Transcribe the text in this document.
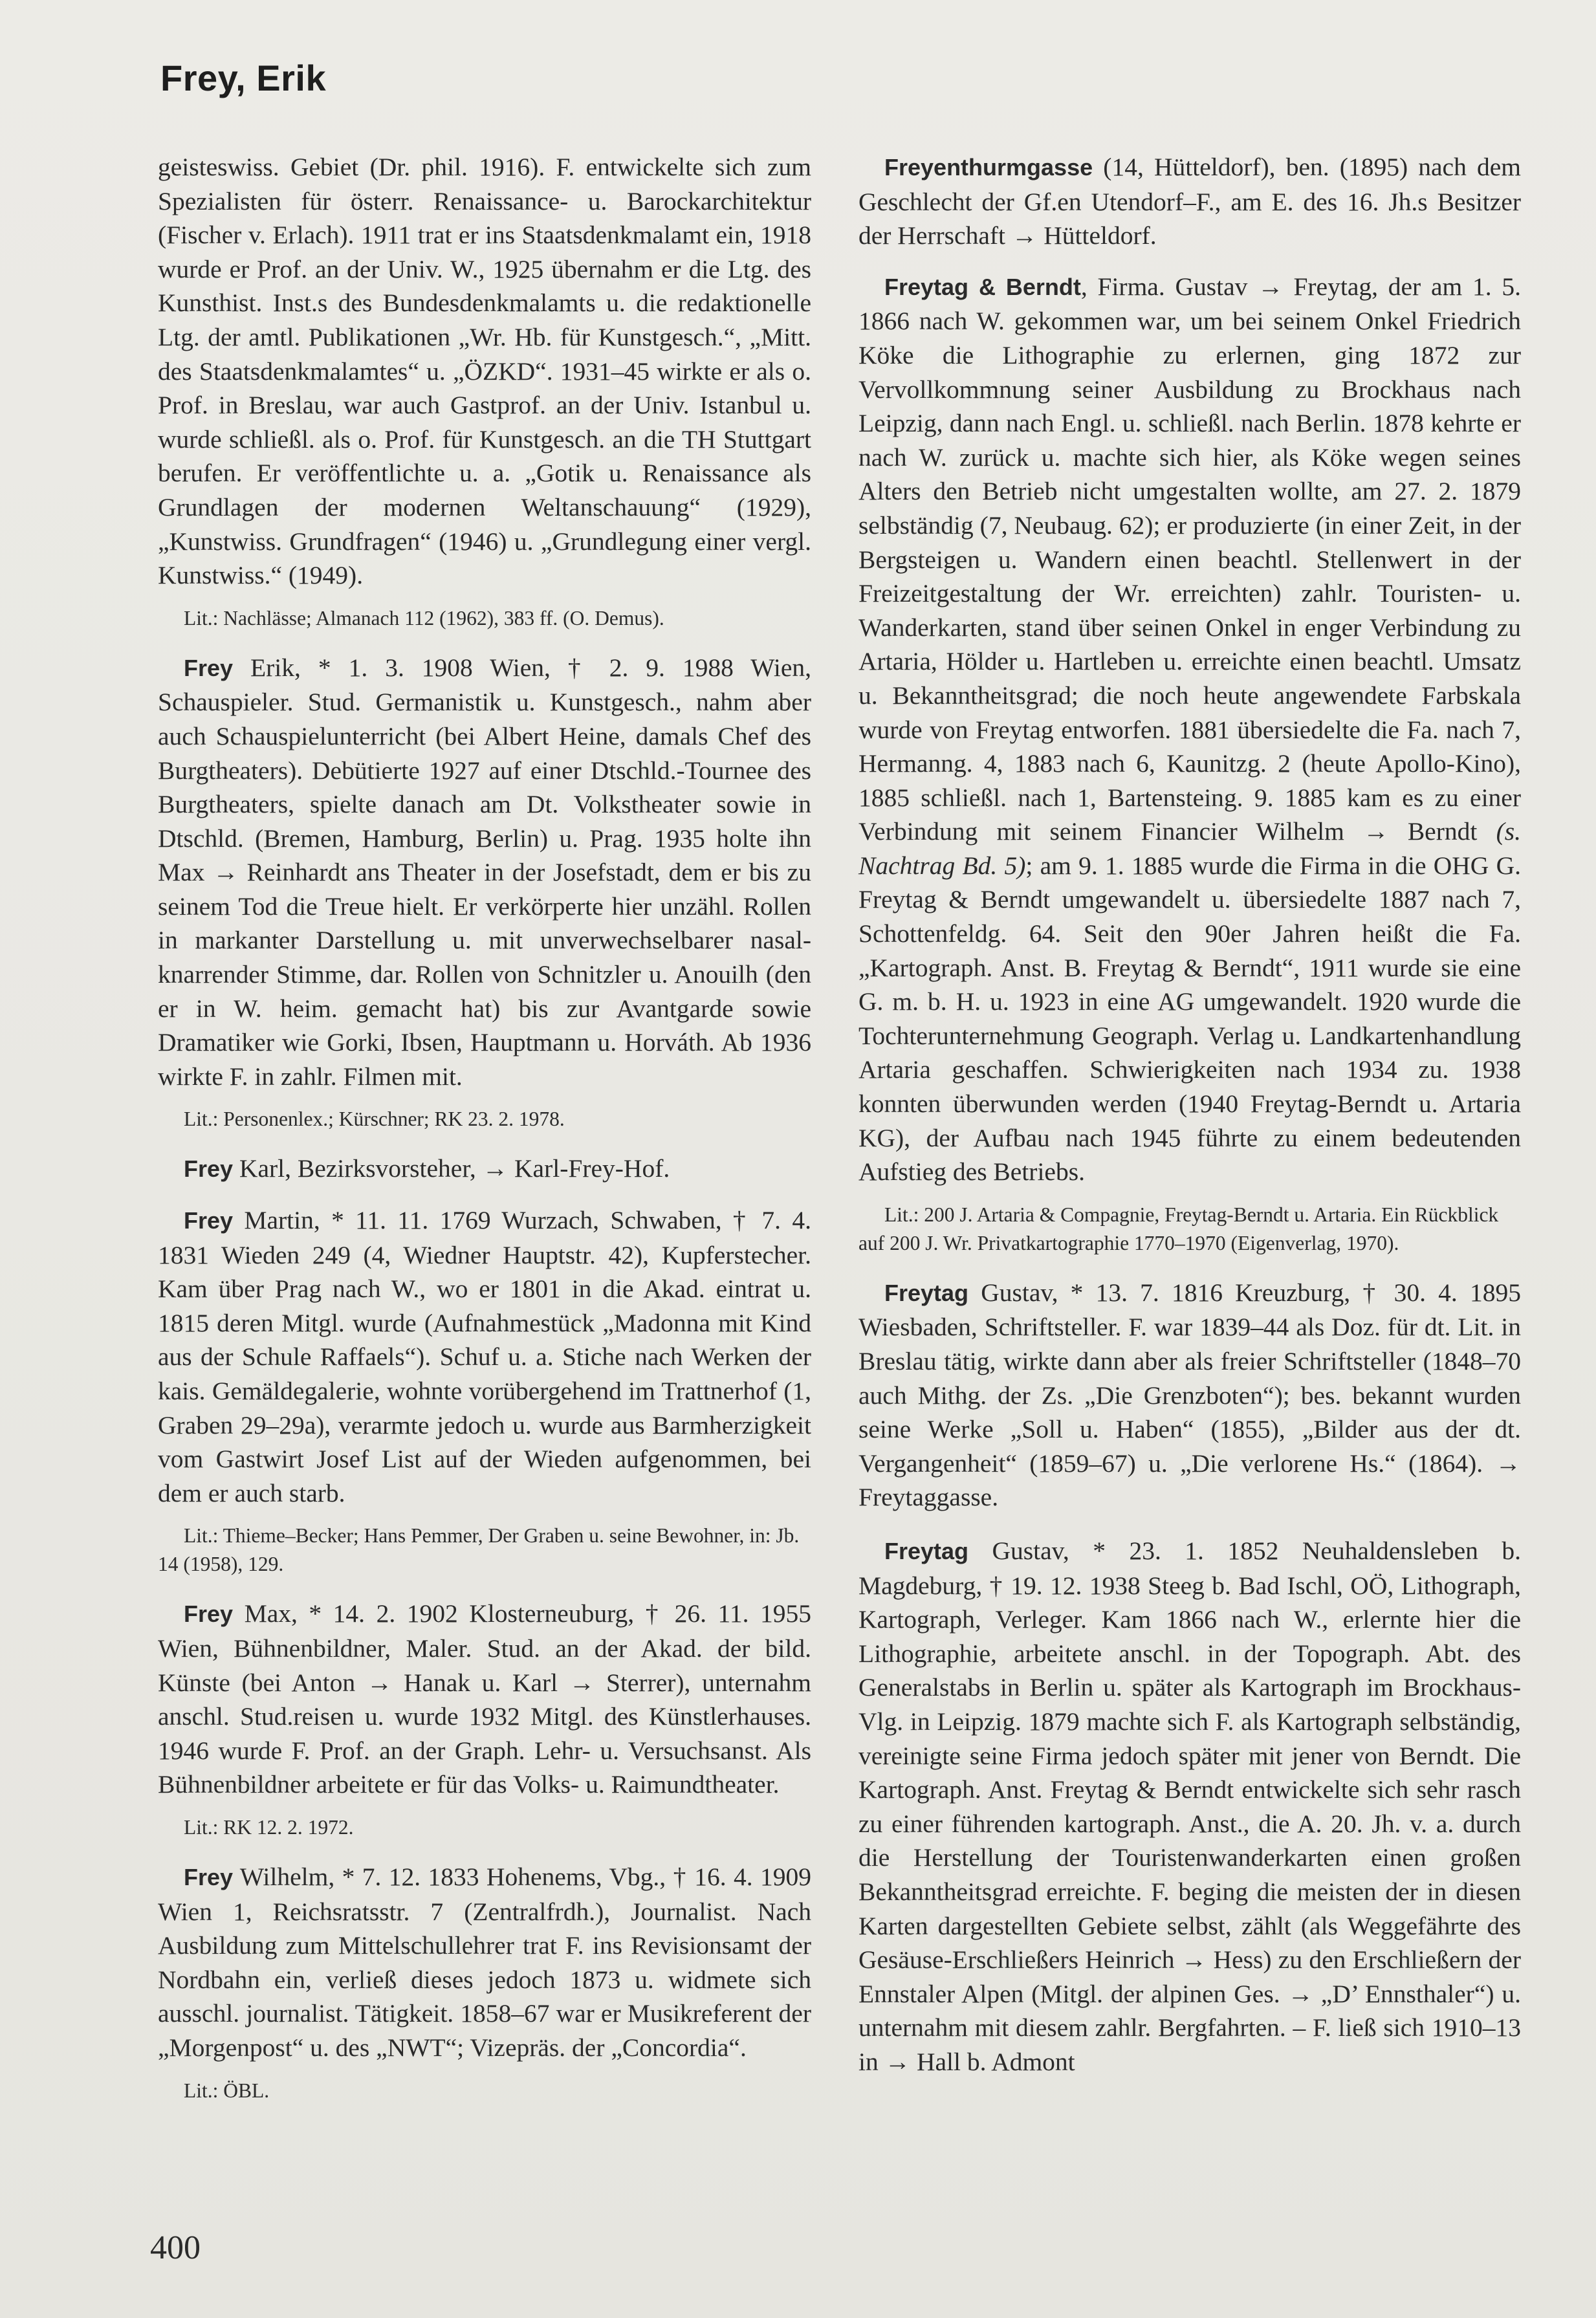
Frey, Erik

geisteswiss. Gebiet (Dr. phil. 1916). F. entwickelte sich zum Spezialisten für österr. Renaissance- u. Barockarchitektur (Fischer v. Erlach). 1911 trat er ins Staatsdenkmalamt ein, 1918 wurde er Prof. an der Univ. W., 1925 übernahm er die Ltg. des Kunsthist. Inst.s des Bundesdenkmalamts u. die redaktionelle Ltg. der amtl. Publikationen „Wr. Hb. für Kunstgesch.“, „Mitt. des Staatsdenkmalamtes“ u. „ÖZKD“. 1931–45 wirkte er als o. Prof. in Breslau, war auch Gastprof. an der Univ. Istanbul u. wurde schließl. als o. Prof. für Kunstgesch. an die TH Stuttgart berufen. Er veröffentlichte u. a. „Gotik u. Renaissance als Grundlagen der modernen Weltanschauung“ (1929), „Kunstwiss. Grundfragen“ (1946) u. „Grundlegung einer vergl. Kunstwiss.“ (1949).

Lit.: Nachlässe; Almanach 112 (1962), 383 ff. (O. Demus).

Frey Erik, * 1. 3. 1908 Wien, † 2. 9. 1988 Wien, Schauspieler. Stud. Germanistik u. Kunstgesch., nahm aber auch Schauspielunterricht (bei Albert Heine, damals Chef des Burgtheaters). Debütierte 1927 auf einer Dtschld.-Tournee des Burgtheaters, spielte danach am Dt. Volkstheater sowie in Dtschld. (Bremen, Hamburg, Berlin) u. Prag. 1935 holte ihn Max → Reinhardt ans Theater in der Josefstadt, dem er bis zu seinem Tod die Treue hielt. Er verkörperte hier unzähl. Rollen in markanter Darstellung u. mit unverwechselbarer nasal-knarrender Stimme, dar. Rollen von Schnitzler u. Anouilh (den er in W. heim. gemacht hat) bis zur Avantgarde sowie Dramatiker wie Gorki, Ibsen, Hauptmann u. Horváth. Ab 1936 wirkte F. in zahlr. Filmen mit.

Lit.: Personenlex.; Kürschner; RK 23. 2. 1978.

Frey Karl, Bezirksvorsteher, → Karl-Frey-Hof.

Frey Martin, * 11. 11. 1769 Wurzach, Schwaben, † 7. 4. 1831 Wieden 249 (4, Wiedner Hauptstr. 42), Kupferstecher. Kam über Prag nach W., wo er 1801 in die Akad. eintrat u. 1815 deren Mitgl. wurde (Aufnahmestück „Madonna mit Kind aus der Schule Raffaels“). Schuf u. a. Stiche nach Werken der kais. Gemäldegalerie, wohnte vorübergehend im Trattnerhof (1, Graben 29–29a), verarmte jedoch u. wurde aus Barmherzigkeit vom Gastwirt Josef List auf der Wieden aufgenommen, bei dem er auch starb.

Lit.: Thieme–Becker; Hans Pemmer, Der Graben u. seine Bewohner, in: Jb. 14 (1958), 129.

Frey Max, * 14. 2. 1902 Klosterneuburg, † 26. 11. 1955 Wien, Bühnenbildner, Maler. Stud. an der Akad. der bild. Künste (bei Anton → Hanak u. Karl → Sterrer), unternahm anschl. Stud.reisen u. wurde 1932 Mitgl. des Künstlerhauses. 1946 wurde F. Prof. an der Graph. Lehr- u. Versuchsanst. Als Bühnenbildner arbeitete er für das Volks- u. Raimundtheater.

Lit.: RK 12. 2. 1972.

Frey Wilhelm, * 7. 12. 1833 Hohenems, Vbg., † 16. 4. 1909 Wien 1, Reichsratsstr. 7 (Zentralfrdh.), Journalist. Nach Ausbildung zum Mittelschullehrer trat F. ins Revisionsamt der Nordbahn ein, verließ dieses jedoch 1873 u. widmete sich ausschl. journalist. Tätigkeit. 1858–67 war er Musikreferent der „Morgenpost“ u. des „NWT“; Vizepräs. der „Concordia“.

Lit.: ÖBL.

Freyenthurmgasse (14, Hütteldorf), ben. (1895) nach dem Geschlecht der Gf.en Utendorf–F., am E. des 16. Jh.s Besitzer der Herrschaft → Hütteldorf.

Freytag & Berndt, Firma. Gustav → Freytag, der am 1. 5. 1866 nach W. gekommen war, um bei seinem Onkel Friedrich Köke die Lithographie zu erlernen, ging 1872 zur Vervollkommnung seiner Ausbildung zu Brockhaus nach Leipzig, dann nach Engl. u. schließl. nach Berlin. 1878 kehrte er nach W. zurück u. machte sich hier, als Köke wegen seines Alters den Betrieb nicht umgestalten wollte, am 27. 2. 1879 selbständig (7, Neubaug. 62); er produzierte (in einer Zeit, in der Bergsteigen u. Wandern einen beachtl. Stellenwert in der Freizeitgestaltung der Wr. erreichten) zahlr. Touristen- u. Wanderkarten, stand über seinen Onkel in enger Verbindung zu Artaria, Hölder u. Hartleben u. erreichte einen beachtl. Umsatz u. Bekanntheitsgrad; die noch heute angewendete Farbskala wurde von Freytag entworfen. 1881 übersiedelte die Fa. nach 7, Hermanng. 4, 1883 nach 6, Kaunitzg. 2 (heute Apollo-Kino), 1885 schließl. nach 1, Bartensteing. 9. 1885 kam es zu einer Verbindung mit seinem Financier Wilhelm → Berndt (s. Nachtrag Bd. 5); am 9. 1. 1885 wurde die Firma in die OHG G. Freytag & Berndt umgewandelt u. übersiedelte 1887 nach 7, Schottenfeldg. 64. Seit den 90er Jahren heißt die Fa. „Kartograph. Anst. B. Freytag & Berndt“, 1911 wurde sie eine G. m. b. H. u. 1923 in eine AG umgewandelt. 1920 wurde die Tochterunternehmung Geograph. Verlag u. Landkartenhandlung Artaria geschaffen. Schwierigkeiten nach 1934 zu. 1938 konnten überwunden werden (1940 Freytag-Berndt u. Artaria KG), der Aufbau nach 1945 führte zu einem bedeutenden Aufstieg des Betriebs.

Lit.: 200 J. Artaria & Compagnie, Freytag-Berndt u. Artaria. Ein Rückblick auf 200 J. Wr. Privatkartographie 1770–1970 (Eigenverlag, 1970).

Freytag Gustav, * 13. 7. 1816 Kreuzburg, † 30. 4. 1895 Wiesbaden, Schriftsteller. F. war 1839–44 als Doz. für dt. Lit. in Breslau tätig, wirkte dann aber als freier Schriftsteller (1848–70 auch Mithg. der Zs. „Die Grenzboten“); bes. bekannt wurden seine Werke „Soll u. Haben“ (1855), „Bilder aus der dt. Vergangenheit“ (1859–67) u. „Die verlorene Hs.“ (1864). → Freytaggasse.

Freytag Gustav, * 23. 1. 1852 Neuhaldensleben b. Magdeburg, † 19. 12. 1938 Steeg b. Bad Ischl, OÖ, Lithograph, Kartograph, Verleger. Kam 1866 nach W., erlernte hier die Lithographie, arbeitete anschl. in der Topograph. Abt. des Generalstabs in Berlin u. später als Kartograph im Brockhaus-Vlg. in Leipzig. 1879 machte sich F. als Kartograph selbständig, vereinigte seine Firma jedoch später mit jener von Berndt. Die Kartograph. Anst. Freytag & Berndt entwickelte sich sehr rasch zu einer führenden kartograph. Anst., die A. 20. Jh. v. a. durch die Herstellung der Touristenwanderkarten einen großen Bekanntheitsgrad erreichte. F. beging die meisten der in diesen Karten dargestellten Gebiete selbst, zählt (als Weggefährte des Gesäuse-Erschließers Heinrich → Hess) zu den Erschließern der Ennstaler Alpen (Mitgl. der alpinen Ges. → „D’ Ennsthaler“) u. unternahm mit diesem zahlr. Bergfahrten. – F. ließ sich 1910–13 in → Hall b. Admont

400
